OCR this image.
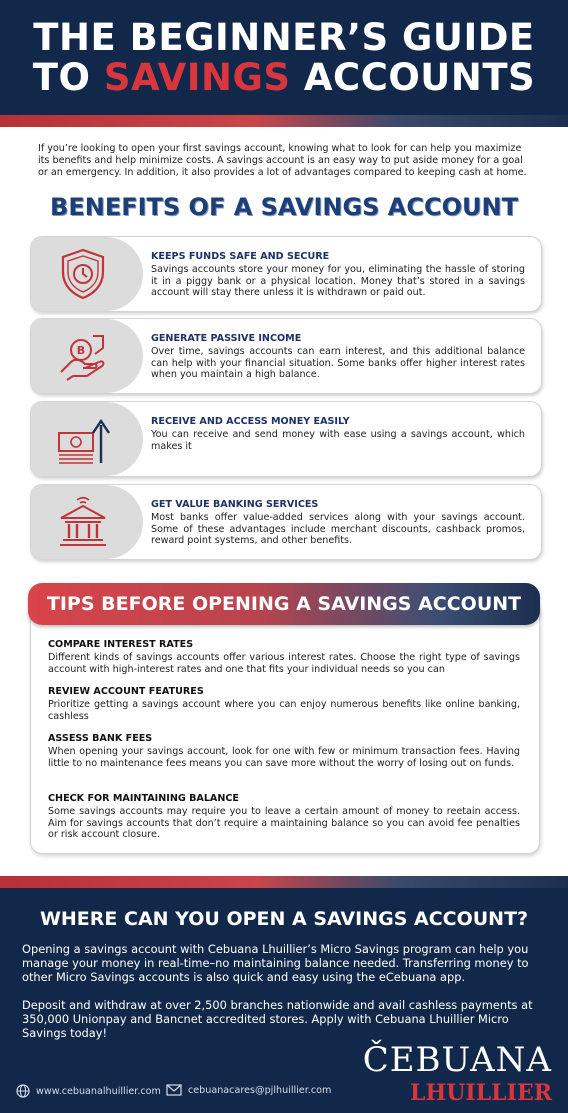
THE BEGINNER’S GUIDE
TO SAVINGS ACCOUNTS
If you’re looking to open your first savings account, knowing what to look for can help you maximize its benefits and help minimize costs. A savings account is an easy way to put aside money for a goal or an emergency. In addition, it also provides a lot of advantages compared to keeping cash at home.
BENEFITS OF A SAVINGS ACCOUNT
KEEPS FUNDS SAFE AND SECURE
Savings accounts store your money for you, eliminating the hassle of storing it in a piggy bank or a physical location. Money that’s stored in a savings account will stay there unless it is withdrawn or paid out.
B
GENERATE PASSIVE INCOME
Over time, savings accounts can earn interest, and this additional balance can help with your financial situation. Some banks offer higher interest rates when you maintain a high balance.
RECEIVE AND ACCESS MONEY EASILY
You can receive and send money with ease using a savings account, which makes it
GET VALUE BANKING SERVICES
Most banks offer value-added services along with your savings account. Some of these advantages include merchant discounts, cashback promos, reward point systems, and other benefits.
TIPS BEFORE OPENING A SAVINGS ACCOUNT
COMPARE INTEREST RATES
Different kinds of savings accounts offer various interest rates. Choose the right type of savings account with high-interest rates and one that fits your individual needs so you can
REVIEW ACCOUNT FEATURES
Prioritize getting a savings account where you can enjoy numerous benefits like online banking, cashless
ASSESS BANK FEES
When opening your savings account, look for one with few or minimum transaction fees. Having little to no maintenance fees means you can save more without the worry of losing out on funds.
CHECK FOR MAINTAINING BALANCE
Some savings accounts may require you to leave a certain amount of money to reetain access. Aim for savings accounts that don’t require a maintaining balance so you can avoid fee penalties or risk account closure.
WHERE CAN YOU OPEN A SAVINGS ACCOUNT?

Opening a savings account with Cebuana Lhuillier’s Micro Savings program can help you manage your money in real-time–no maintaining balance needed. Transferring money to other Micro Savings accounts is also quick and easy using the eCebuana app.

Deposit and withdraw at over 2,500 branches nationwide and avail cashless payments at 350,000 Unionpay and Bancnet accredited stores. Apply with Cebuana Lhuillier Micro Savings today!

ČEBUANA
LHUILLIER
www.cebuanalhuillier.com	cebuanacares@pjlhuillier.com
